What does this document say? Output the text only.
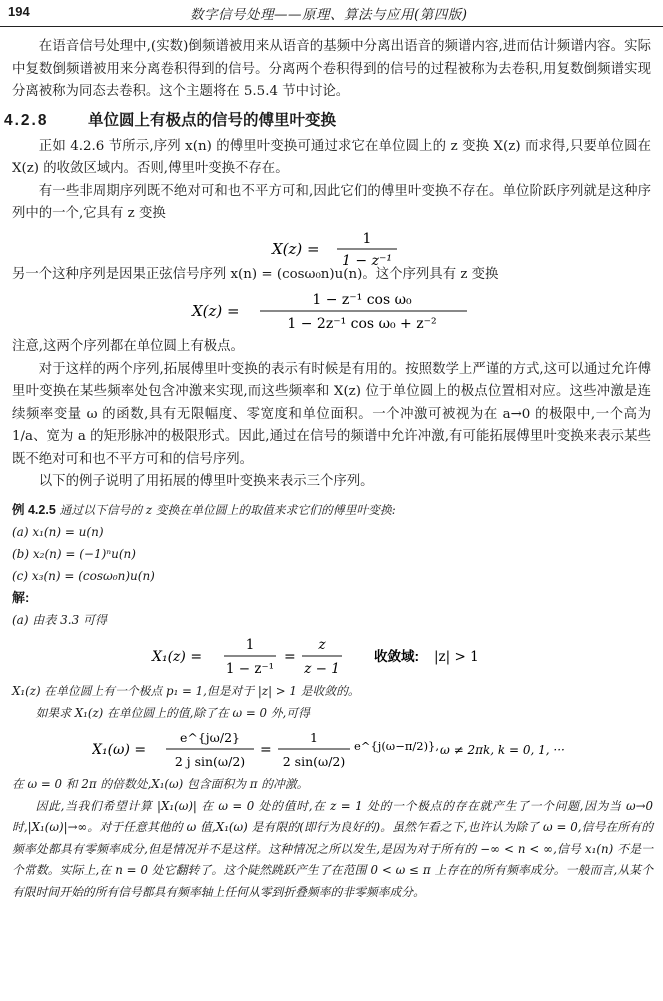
194	数字信号处理——原理、算法与应用(第四版)

在语音信号处理中,(实数)倒频谱被用来从语音的基频中分离出语音的频谱内容,进而估计频谱内容。实际中复数倒频谱被用来分离卷积得到的信号。分离两个卷积得到的信号的过程被称为去卷积,用复数倒频谱实现分离被称为同态去卷积。这个主题将在 5.5.4 节中讨论。

4.2.8	单位圆上有极点的信号的傅里叶变换

正如 4.2.6 节所示,序列 x(n) 的傅里叶变换可通过求它在单位圆上的 z 变换 X(z) 而求得,只要单位圆在 X(z) 的收敛区域内。否则,傅里叶变换不存在。

有一些非周期序列既不绝对可和也不平方可和,因此它们的傅里叶变换不存在。单位阶跃序列就是这种序列中的一个,它具有 z 变换

X(z) =
1
1 − z⁻¹

另一个这种序列是因果正弦信号序列 x(n) = (cosω₀n)u(n)。这个序列具有 z 变换

X(z) =
1 − z⁻¹ cos ω₀
1 − 2z⁻¹ cos ω₀ + z⁻²

注意,这两个序列都在单位圆上有极点。

对于这样的两个序列,拓展傅里叶变换的表示有时候是有用的。按照数学上严谨的方式,这可以通过允许傅里叶变换在某些频率处包含冲激来实现,而这些频率和 X(z) 位于单位圆上的极点位置相对应。这些冲激是连续频率变量 ω 的函数,具有无限幅度、零宽度和单位面积。一个冲激可被视为在 a→0 的极限中,一个高为 1/a、宽为 a 的矩形脉冲的极限形式。因此,通过在信号的频谱中允许冲激,有可能拓展傅里叶变换来表示某些既不绝对可和也不平方可和的信号序列。

以下的例子说明了用拓展的傅里叶变换来表示三个序列。

例 4.2.5 通过以下信号的 z 变换在单位圆上的取值来求它们的傅里叶变换:
(a) x₁(n) = u(n)
(b) x₂(n) = (−1)ⁿu(n)
(c) x₃(n) = (cosω₀n)u(n)
解:
(a) 由表 3.3 可得
X₁(z) =
1
1 − z⁻¹
=
z
z − 1
收敛域: |z| > 1
X₁(z) 在单位圆上有一个极点 p₁ = 1,但是对于 |z| > 1 是收敛的。
如果求 X₁(z) 在单位圆上的值,除了在 ω = 0 外,可得
X₁(ω) =
e^{jω/2}
2 j sin(ω/2)
=
1
2 sin(ω/2)
e^{j(ω−π/2)}, ω ≠ 2πk, k = 0, 1, ···
在 ω = 0 和 2π 的倍数处,X₁(ω) 包含面积为 π 的冲激。
因此,当我们希望计算 |X₁(ω)| 在 ω = 0 处的值时,在 z = 1 处的一个极点的存在就产生了一个问题,因为当 ω→0 时,|X₁(ω)|→∞。对于任意其他的 ω 值,X₁(ω) 是有限的(即行为良好的)。虽然乍看之下,也许认为除了 ω = 0,信号在所有的频率处都具有零频率成分,但是情况并不是这样。这种情况之所以发生,是因为对于所有的 −∞ < n < ∞,信号 x₁(n) 不是一个常数。实际上,在 n = 0 处它翻转了。这个陡然跳跃产生了在范围 0 < ω ≤ π 上存在的所有频率成分。一般而言,从某个有限时间开始的所有信号都具有频率轴上任何从零到折叠频率的非零频率成分。
